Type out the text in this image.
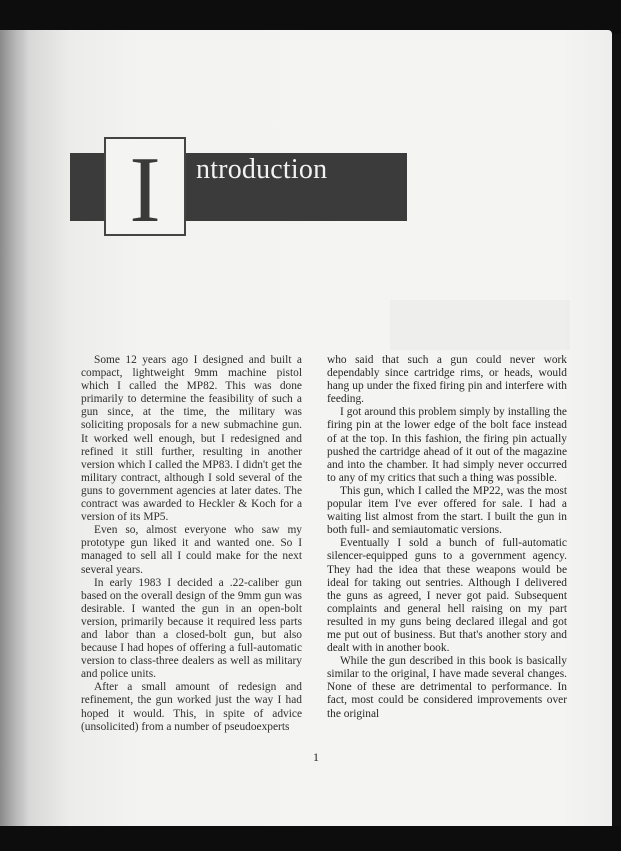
I	ntroduction

Some 12 years ago I designed and built a compact, lightweight 9mm machine pistol which I called the MP82. This was done primarily to determine the feasibility of such a gun since, at the time, the military was soliciting proposals for a new submachine gun. It worked well enough, but I redesigned and refined it still further, resulting in another version which I called the MP83. I didn't get the military contract, although I sold several of the guns to government agencies at later dates. The contract was awarded to Heckler & Koch for a version of its MP5.

Even so, almost everyone who saw my prototype gun liked it and wanted one. So I managed to sell all I could make for the next several years.

In early 1983 I decided a .22-caliber gun based on the overall design of the 9mm gun was desirable. I wanted the gun in an open-bolt version, primarily because it required less parts and labor than a closed-bolt gun, but also because I had hopes of offering a full-automatic version to class-three dealers as well as military and police units.

After a small amount of redesign and refinement, the gun worked just the way I had hoped it would. This, in spite of advice (unsolicited) from a number of pseudoexperts

who said that such a gun could never work dependably since cartridge rims, or heads, would hang up under the fixed firing pin and interfere with feeding.

I got around this problem simply by installing the firing pin at the lower edge of the bolt face instead of at the top. In this fashion, the firing pin actually pushed the cartridge ahead of it out of the magazine and into the chamber. It had simply never occurred to any of my critics that such a thing was possible.

This gun, which I called the MP22, was the most popular item I've ever offered for sale. I had a waiting list almost from the start. I built the gun in both full- and semiautomatic versions.

Eventually I sold a bunch of full-automatic silencer-equipped guns to a government agency. They had the idea that these weapons would be ideal for taking out sentries. Although I delivered the guns as agreed, I never got paid. Subsequent complaints and general hell raising on my part resulted in my guns being declared illegal and got me put out of business. But that's another story and dealt with in another book.

While the gun described in this book is basically similar to the original, I have made several changes. None of these are detrimental to performance. In fact, most could be considered improvements over the original

1
